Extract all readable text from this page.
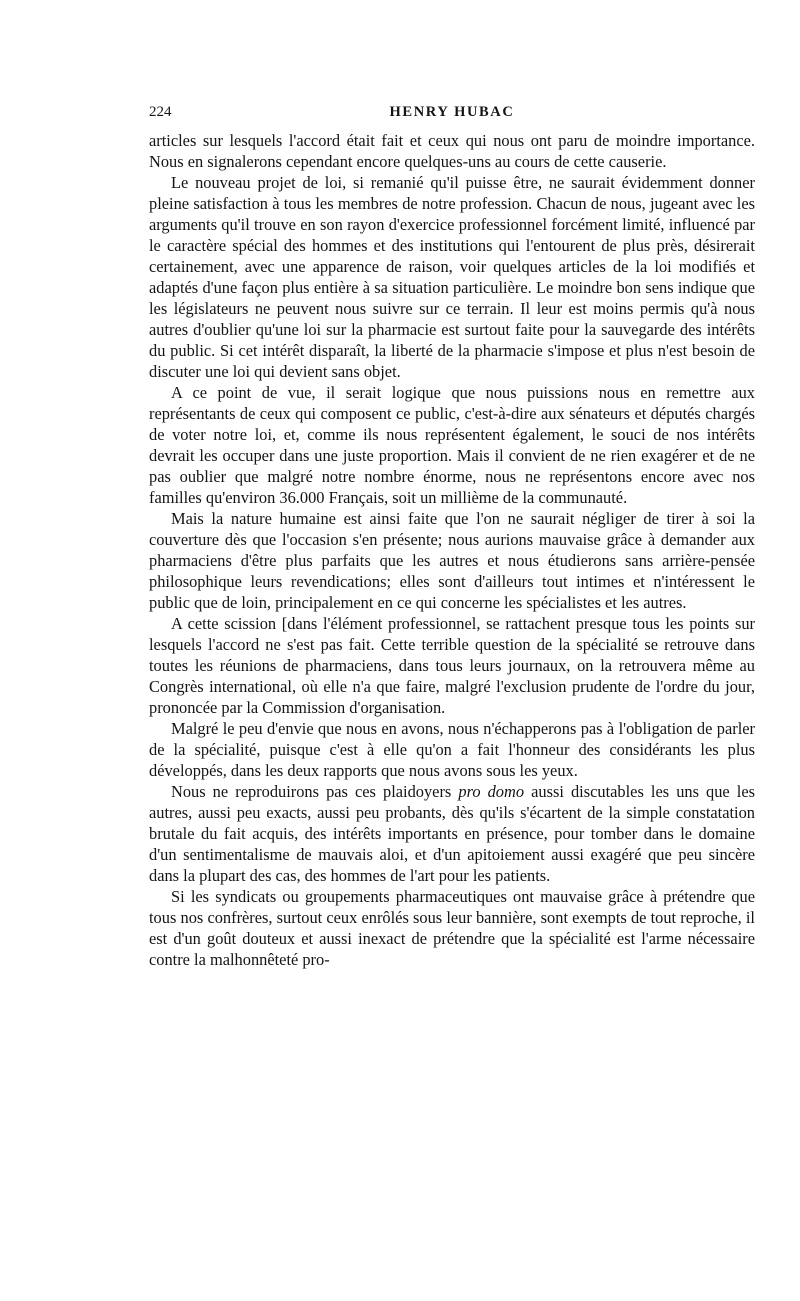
224	HENRY HUBAC

articles sur lesquels l'accord était fait et ceux qui nous ont paru de moindre importance. Nous en signalerons cependant encore quelques-uns au cours de cette causerie.

Le nouveau projet de loi, si remanié qu'il puisse être, ne saurait évidemment donner pleine satisfaction à tous les membres de notre profession. Chacun de nous, jugeant avec les arguments qu'il trouve en son rayon d'exercice professionnel forcément limité, influencé par le caractère spécial des hommes et des institutions qui l'entourent de plus près, désirerait certainement, avec une apparence de raison, voir quelques articles de la loi modifiés et adaptés d'une façon plus entière à sa situation particulière. Le moindre bon sens indique que les législateurs ne peuvent nous suivre sur ce terrain. Il leur est moins permis qu'à nous autres d'oublier qu'une loi sur la pharmacie est surtout faite pour la sauvegarde des intérêts du public. Si cet intérêt disparaît, la liberté de la pharmacie s'impose et plus n'est besoin de discuter une loi qui devient sans objet.

A ce point de vue, il serait logique que nous puissions nous en remettre aux représentants de ceux qui composent ce public, c'est-à-dire aux sénateurs et députés chargés de voter notre loi, et, comme ils nous représentent également, le souci de nos intérêts devrait les occuper dans une juste proportion. Mais il convient de ne rien exagérer et de ne pas oublier que malgré notre nombre énorme, nous ne représentons encore avec nos familles qu'environ 36.000 Français, soit un millième de la communauté.

Mais la nature humaine est ainsi faite que l'on ne saurait négliger de tirer à soi la couverture dès que l'occasion s'en présente; nous aurions mauvaise grâce à demander aux pharmaciens d'être plus parfaits que les autres et nous étudierons sans arrière-pensée philosophique leurs revendications; elles sont d'ailleurs tout intimes et n'intéressent le public que de loin, principalement en ce qui concerne les spécialistes et les autres.

A cette scission [dans l'élément professionnel, se rattachent presque tous les points sur lesquels l'accord ne s'est pas fait. Cette terrible question de la spécialité se retrouve dans toutes les réunions de pharmaciens, dans tous leurs journaux, on la retrouvera même au Congrès international, où elle n'a que faire, malgré l'exclusion prudente de l'ordre du jour, prononcée par la Commission d'organisation.

Malgré le peu d'envie que nous en avons, nous n'échapperons pas à l'obligation de parler de la spécialité, puisque c'est à elle qu'on a fait l'honneur des considérants les plus développés, dans les deux rapports que nous avons sous les yeux.

Nous ne reproduirons pas ces plaidoyers pro domo aussi discutables les uns que les autres, aussi peu exacts, aussi peu probants, dès qu'ils s'écartent de la simple constatation brutale du fait acquis, des intérêts importants en présence, pour tomber dans le domaine d'un sentimentalisme de mauvais aloi, et d'un apitoiement aussi exagéré que peu sincère dans la plupart des cas, des hommes de l'art pour les patients.

Si les syndicats ou groupements pharmaceutiques ont mauvaise grâce à prétendre que tous nos confrères, surtout ceux enrôlés sous leur bannière, sont exempts de tout reproche, il est d'un goût douteux et aussi inexact de prétendre que la spécialité est l'arme nécessaire contre la malhonnêteté pro-
